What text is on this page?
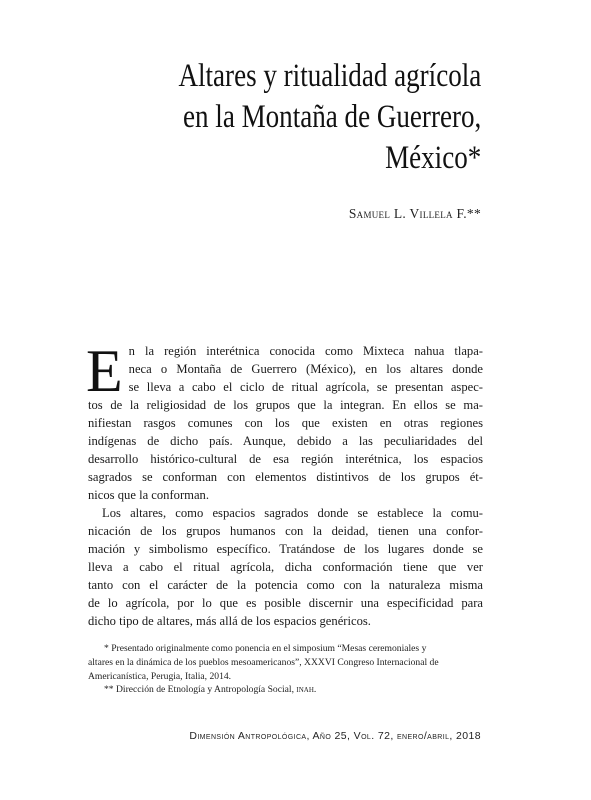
Altares y ritualidad agrícola
en la Montaña de Guerrero,
México*
Samuel L. Villela F.**
E n la región interétnica conocida como Mixteca nahua tlapa-
neca o Montaña de Guerrero (México), en los altares donde
se lleva a cabo el ciclo de ritual agrícola, se presentan aspec-
tos de la religiosidad de los grupos que la integran. En ellos se ma-
nifiestan rasgos comunes con los que existen en otras regiones
indígenas de dicho país. Aunque, debido a las peculiaridades del
desarrollo histórico-cultural de esa región interétnica, los espacios
sagrados se conforman con elementos distintivos de los grupos ét-
nicos que la conforman.
Los altares, como espacios sagrados donde se establece la comu-
nicación de los grupos humanos con la deidad, tienen una confor-
mación y simbolismo específico. Tratándose de los lugares donde se
lleva a cabo el ritual agrícola, dicha conformación tiene que ver
tanto con el carácter de la potencia como con la naturaleza misma
de lo agrícola, por lo que es posible discernir una especificidad para
dicho tipo de altares, más allá de los espacios genéricos.
* Presentado originalmente como ponencia en el simposium “Mesas ceremoniales y
altares en la dinámica de los pueblos mesoamericanos”, XXXVI Congreso Internacional de
Americanística, Perugia, Italia, 2014.
** Dirección de Etnología y Antropología Social, inah.
Dimensión Antropológica, Año 25, Vol. 72, enero/abril, 2018
